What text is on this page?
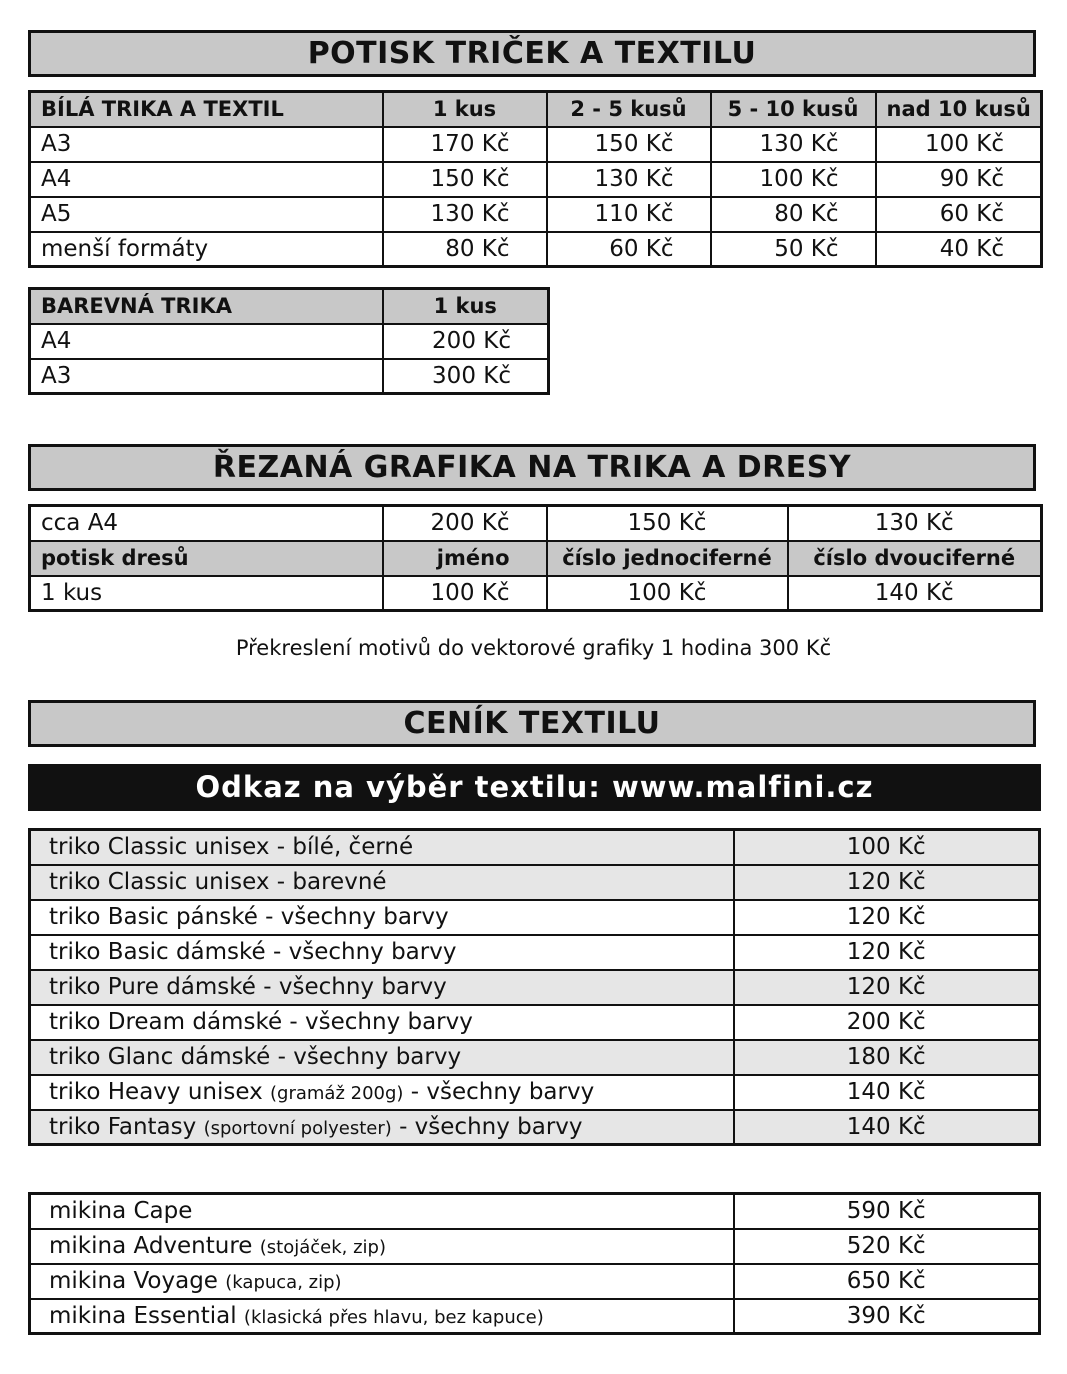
POTISK TRIČEK A TEXTILU
BÍLÁ TRIKA A TEXTIL	1 kus	2 - 5 kusů	5 - 10 kusů	nad 10 kusů
A3	170 Kč	150 Kč	130 Kč	100 Kč
A4	150 Kč	130 Kč	100 Kč	90 Kč
A5	130 Kč	110 Kč	80 Kč	60 Kč
menší formáty	80 Kč	60 Kč	50 Kč	40 Kč
BAREVNÁ TRIKA	1 kus
A4	200 Kč
A3	300 Kč
ŘEZANÁ GRAFIKA NA TRIKA A DRESY
cca A4	200 Kč	150 Kč	130 Kč
potisk dresů	jméno	číslo jednociferné	číslo dvouciferné
1 kus	100 Kč	100 Kč	140 Kč
Překreslení motivů do vektorové grafiky 1 hodina 300 Kč
CENÍK TEXTILU
Odkaz na výběr textilu: www.malfini.cz
triko Classic unisex - bílé, černé	100 Kč
triko Classic unisex - barevné	120 Kč
triko Basic pánské - všechny barvy	120 Kč
triko Basic dámské - všechny barvy	120 Kč
triko Pure dámské - všechny barvy	120 Kč
triko Dream dámské - všechny barvy	200 Kč
triko Glanc dámské - všechny barvy	180 Kč
triko Heavy unisex (gramáž 200g) - všechny barvy	140 Kč
triko Fantasy (sportovní polyester) - všechny barvy	140 Kč
mikina Cape	590 Kč
mikina Adventure (stojáček, zip)	520 Kč
mikina Voyage (kapuca, zip)	650 Kč
mikina Essential (klasická přes hlavu, bez kapuce)	390 Kč
